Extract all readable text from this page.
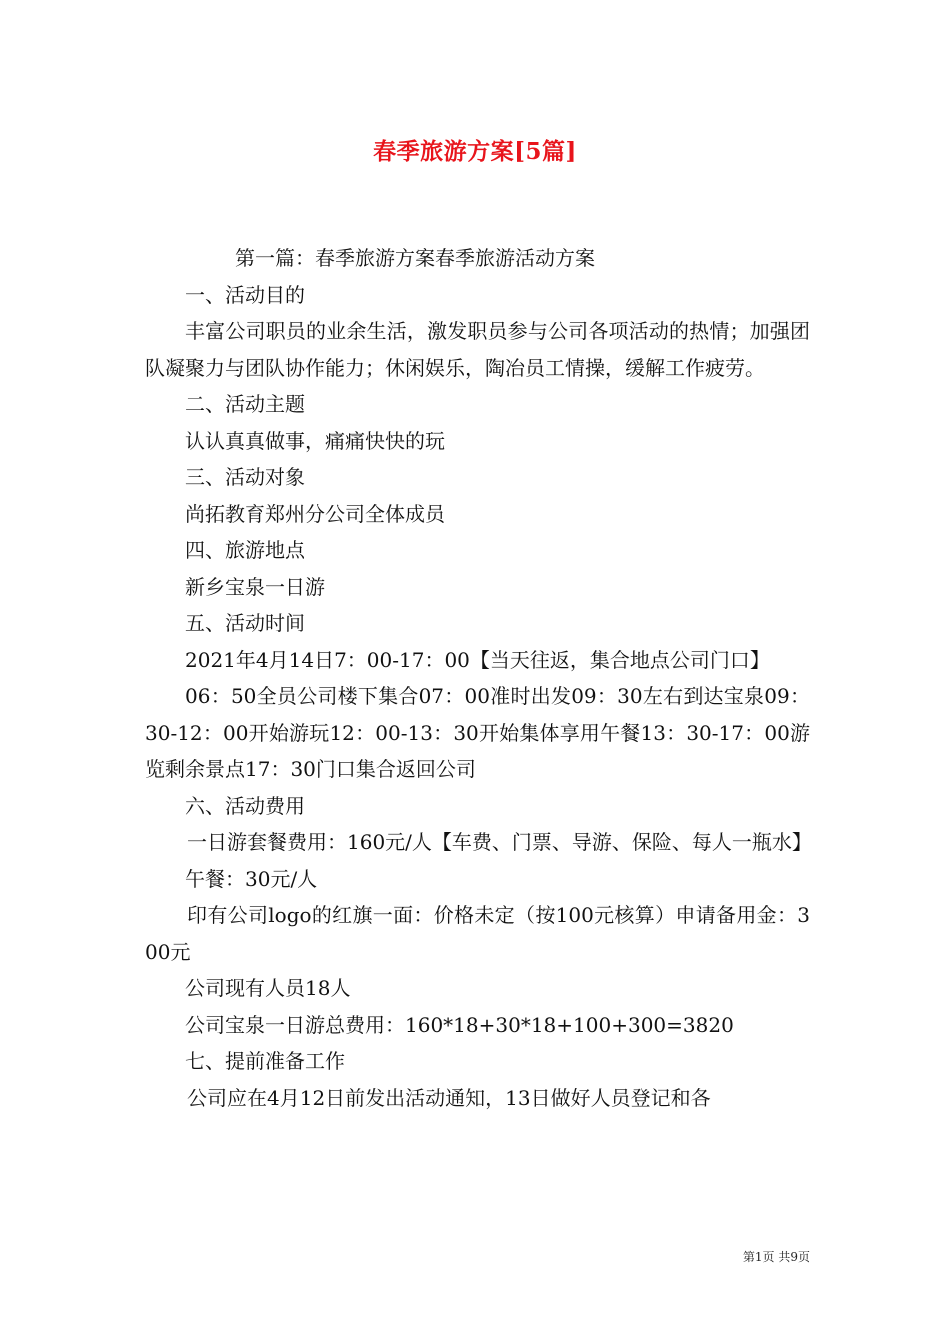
春季旅游方案[5篇]

第一篇：春季旅游方案春季旅游活动方案

一、活动目的

丰富公司职员的业余生活，激发职员参与公司各项活动的热情；加强团队凝聚力与团队协作能力；休闲娱乐，陶冶员工情操，缓解工作疲劳。

二、活动主题

认认真真做事，痛痛快快的玩

三、活动对象

尚拓教育郑州分公司全体成员

四、旅游地点

新乡宝泉一日游

五、活动时间

2021年4月14日7：00-17：00【当天往返，集合地点公司门口】

06：50全员公司楼下集合07：00准时出发09：30左右到达宝泉09：30-12：00开始游玩12：00-13：30开始集体享用午餐13：30-17：00游览剩余景点17：30门口集合返回公司

六、活动费用

一日游套餐费用：160元/人【车费、门票、导游、保险、每人一瓶水】

午餐：30元/人

印有公司logo的红旗一面：价格未定（按100元核算）申请备用金：300元

公司现有人员18人

公司宝泉一日游总费用：160*18+30*18+100+300=3820

七、提前准备工作

公司应在4月12日前发出活动通知，13日做好人员登记和各

第1页 共9页
